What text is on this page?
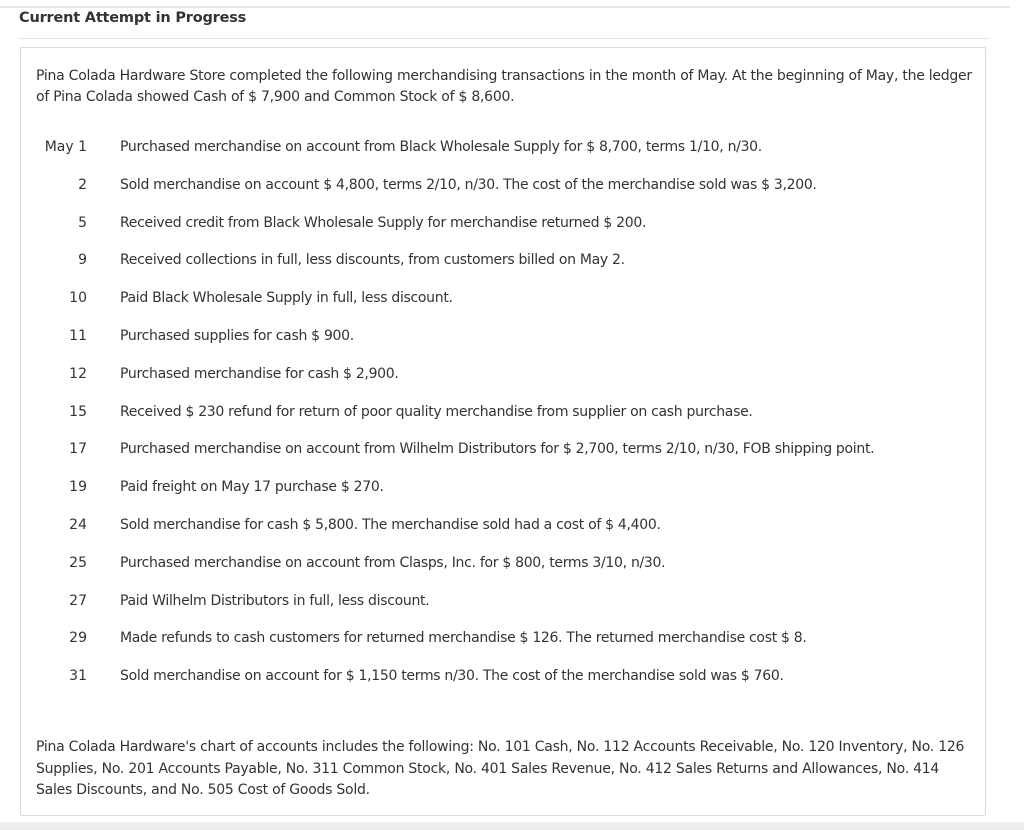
Current Attempt in Progress

Pina Colada Hardware Store completed the following merchandising transactions in the month of May. At the beginning of May, the ledger of Pina Colada showed Cash of $ 7,900 and Common Stock of $ 8,600.

May 1 Purchased merchandise on account from Black Wholesale Supply for $ 8,700, terms 1/10, n/30.
2 Sold merchandise on account $ 4,800, terms 2/10, n/30. The cost of the merchandise sold was $ 3,200.
5 Received credit from Black Wholesale Supply for merchandise returned $ 200.
9 Received collections in full, less discounts, from customers billed on May 2.
10 Paid Black Wholesale Supply in full, less discount.
11 Purchased supplies for cash $ 900.
12 Purchased merchandise for cash $ 2,900.
15 Received $ 230 refund for return of poor quality merchandise from supplier on cash purchase.
17 Purchased merchandise on account from Wilhelm Distributors for $ 2,700, terms 2/10, n/30, FOB shipping point.
19 Paid freight on May 17 purchase $ 270.
24 Sold merchandise for cash $ 5,800. The merchandise sold had a cost of $ 4,400.
25 Purchased merchandise on account from Clasps, Inc. for $ 800, terms 3/10, n/30.
27 Paid Wilhelm Distributors in full, less discount.
29 Made refunds to cash customers for returned merchandise $ 126. The returned merchandise cost $ 8.
31 Sold merchandise on account for $ 1,150 terms n/30. The cost of the merchandise sold was $ 760.

Pina Colada Hardware's chart of accounts includes the following: No. 101 Cash, No. 112 Accounts Receivable, No. 120 Inventory, No. 126 Supplies, No. 201 Accounts Payable, No. 311 Common Stock, No. 401 Sales Revenue, No. 412 Sales Returns and Allowances, No. 414 Sales Discounts, and No. 505 Cost of Goods Sold.
